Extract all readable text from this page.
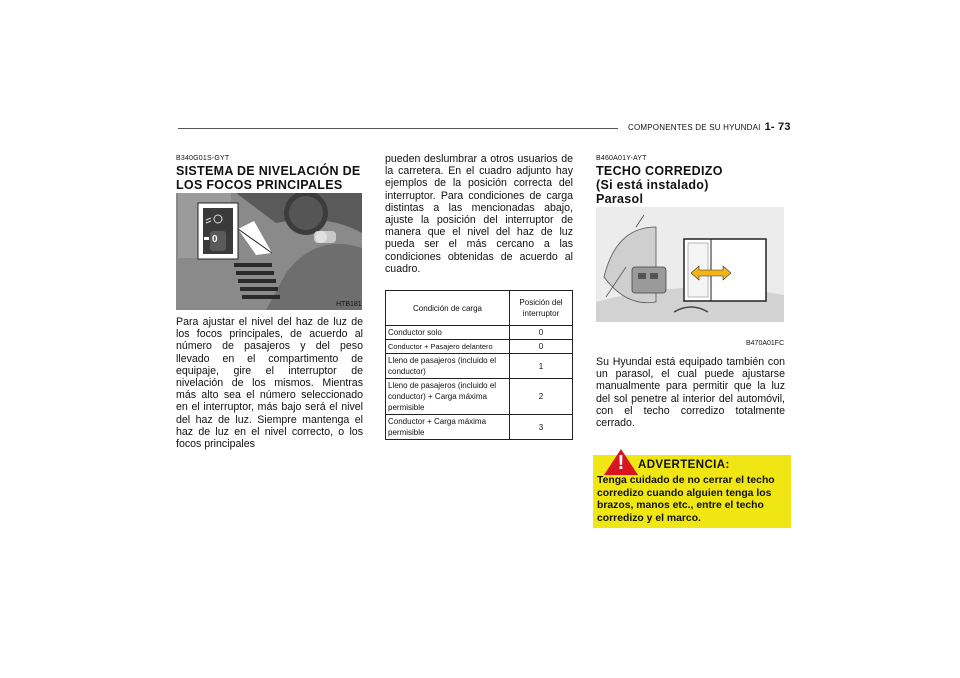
COMPONENTES DE SU HYUNDAI 1- 73
B340G01S-GYT
SISTEMA DE NIVELACIÓN DE
LOS FOCOS PRINCIPALES
0
HTB181
Para ajustar el nivel del haz de luz de los focos principales, de acuerdo al número de pasajeros y del peso llevado en el compartimento de equipaje, gire el interruptor de nivelación de los mismos. Mientras más alto sea el número seleccionado en el interruptor, más bajo será el nivel del haz de luz. Siempre mantenga el haz de luz en el nivel correcto, o los focos principales
pueden deslumbrar a otros usuarios de la carretera. En el cuadro adjunto hay ejemplos de la posición correcta del interruptor. Para condiciones de carga distintas a las mencionadas abajo, ajuste la posición del interruptor de manera que el nivel del haz de luz pueda ser el más cercano a las condiciones obtenidas de acuerdo al cuadro.
Condición de carga	Posición del interruptor
Conductor solo	0
Conductor + Pasajero delantero	0
Lleno de pasajeros (incluido el conductor)	1
Lleno de pasajeros (incluido el conductor) + Carga máxima permisible	2
Conductor + Carga máxima permisible	3
B460A01Y-AYT
TECHO CORREDIZO
(Si está instalado)
Parasol
B470A01FC
Su Hyundai está equipado también con un parasol, el cual puede ajustarse manualmente para permitir que la luz del sol penetre al interior del automóvil, con el techo corredizo totalmente cerrado.
!	ADVERTENCIA:
Tenga cuidado de no cerrar el techo corredizo cuando alguien tenga los brazos, manos etc., entre el techo corredizo y el marco.
